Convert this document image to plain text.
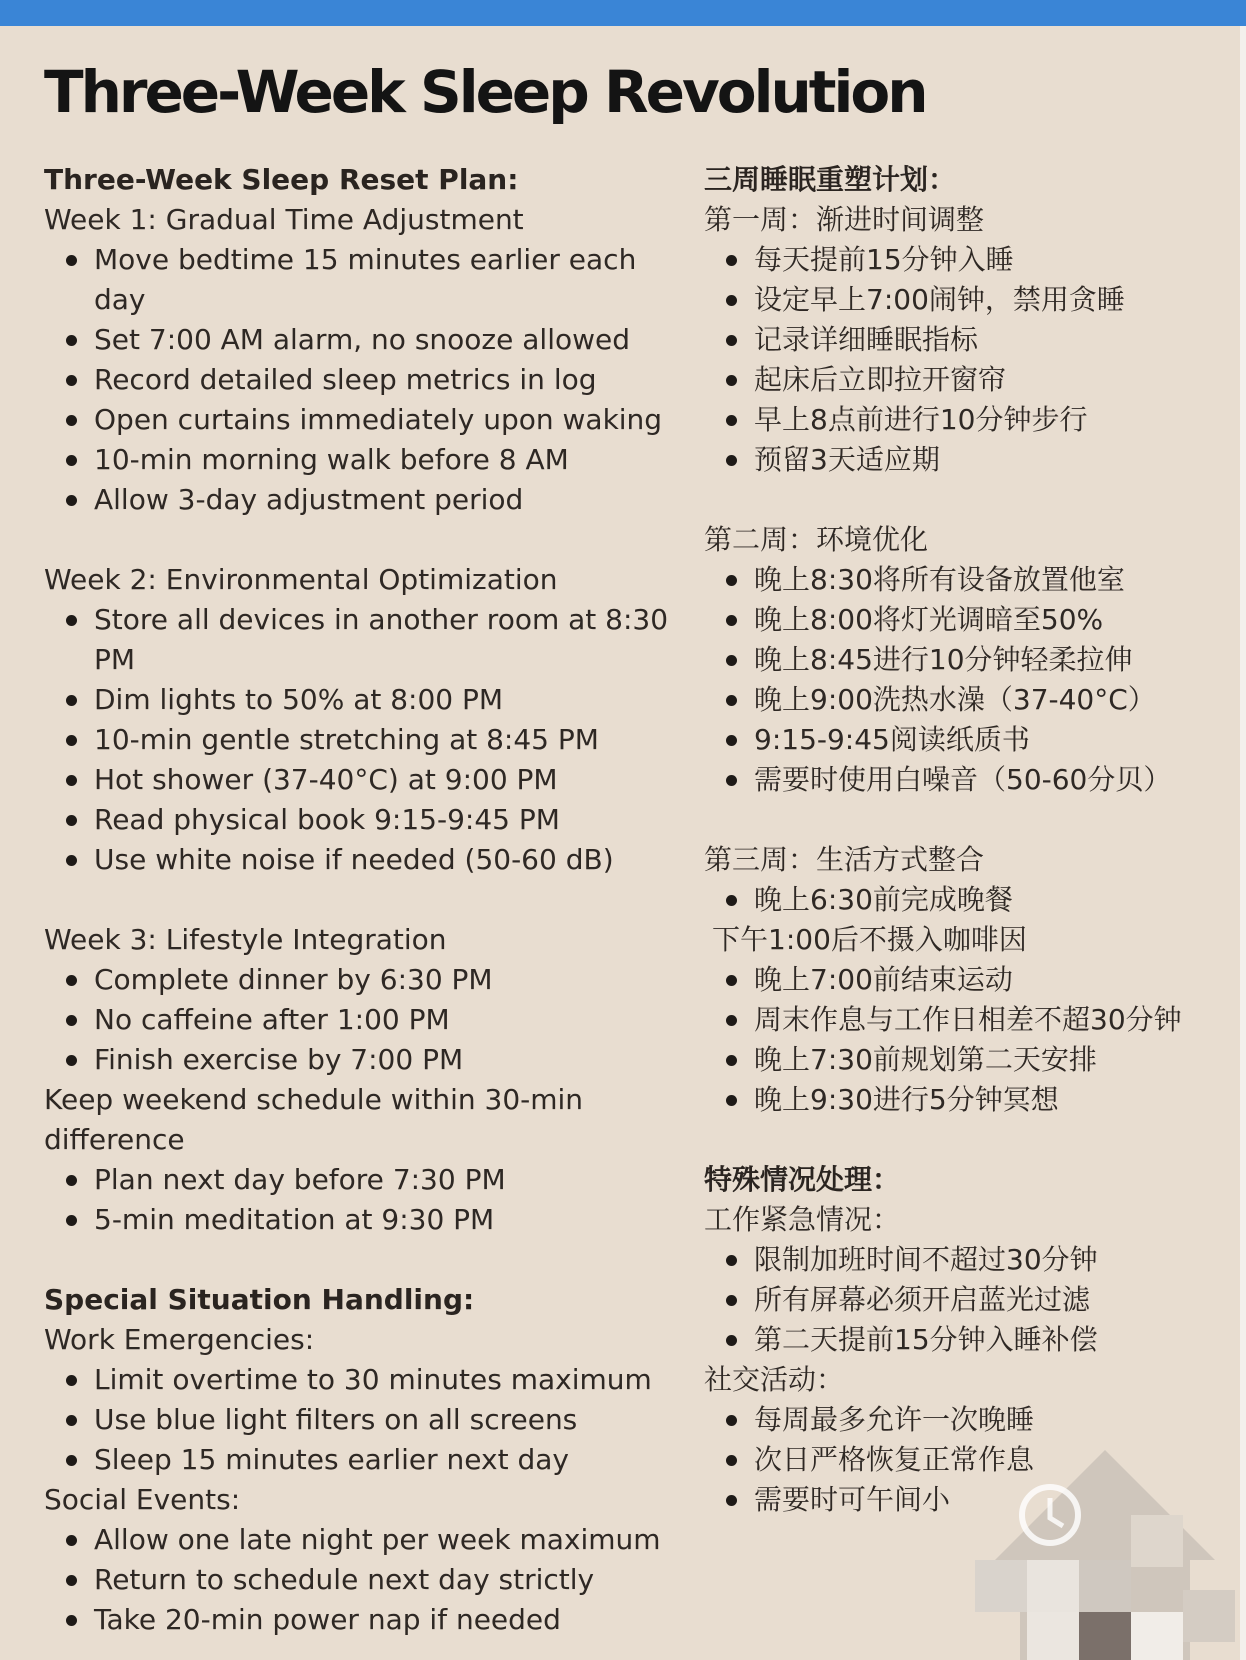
Three-Week Sleep Revolution
Three-Week Sleep Reset Plan:
Week 1: Gradual Time Adjustment
Move bedtime 15 minutes earlier each day
Set 7:00 AM alarm, no snooze allowed
Record detailed sleep metrics in log
Open curtains immediately upon waking
10-min morning walk before 8 AM
Allow 3-day adjustment period
Week 2: Environmental Optimization
Store all devices in another room at 8:30 PM
Dim lights to 50% at 8:00 PM
10-min gentle stretching at 8:45 PM
Hot shower (37-40°C) at 9:00 PM
Read physical book 9:15-9:45 PM
Use white noise if needed (50-60 dB)
Week 3: Lifestyle Integration
Complete dinner by 6:30 PM
No caffeine after 1:00 PM
Finish exercise by 7:00 PM
Keep weekend schedule within 30-min difference
Plan next day before 7:30 PM
5-min meditation at 9:30 PM
Special Situation Handling:
Work Emergencies:
Limit overtime to 30 minutes maximum
Use blue light filters on all screens
Sleep 15 minutes earlier next day
Social Events:
Allow one late night per week maximum
Return to schedule next day strictly
Take 20-min power nap if needed
三周睡眠重塑计划：
第一周：渐进时间调整
每天提前15分钟入睡
设定早上7:00闹钟，禁用贪睡
记录详细睡眠指标
起床后立即拉开窗帘
早上8点前进行10分钟步行
预留3天适应期
第二周：环境优化
晚上8:30将所有设备放置他室
晚上8:00将灯光调暗至50%
晚上8:45进行10分钟轻柔拉伸
晚上9:00洗热水澡（37-40°C）
9:15-9:45阅读纸质书
需要时使用白噪音（50-60分贝）
第三周：生活方式整合
晚上6:30前完成晚餐
下午1:00后不摄入咖啡因
晚上7:00前结束运动
周末作息与工作日相差不超30分钟
晚上7:30前规划第二天安排
晚上9:30进行5分钟冥想
特殊情况处理：
工作紧急情况：
限制加班时间不超过30分钟
所有屏幕必须开启蓝光过滤
第二天提前15分钟入睡补偿
社交活动：
每周最多允许一次晚睡
次日严格恢复正常作息
需要时可午间小
